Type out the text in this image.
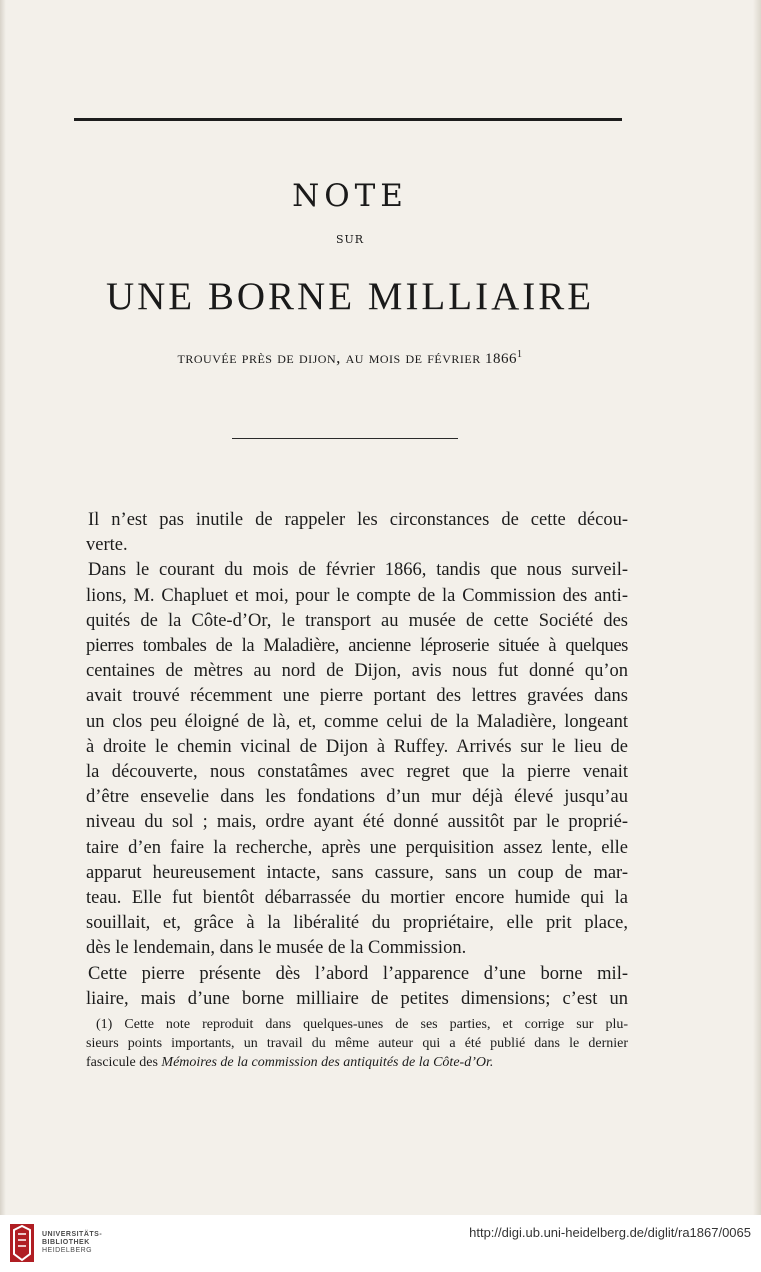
NOTE
SUR
UNE BORNE MILLIAIRE
trouvée près de dijon, au mois de février 1866$^1$
Il n’est pas inutile de rappeler les circonstances de cette décou-
verte.
Dans le courant du mois de février 1866, tandis que nous surveil-
lions, M. Chapluet et moi, pour le compte de la Commission des anti-
quités de la Côte-d’Or, le transport au musée de cette Société des
pierres tombales de la Maladière, ancienne léproserie située à quelques
centaines de mètres au nord de Dijon, avis nous fut donné qu’on
avait trouvé récemment une pierre portant des lettres gravées dans
un clos peu éloigné de là, et, comme celui de la Maladière, longeant
à droite le chemin vicinal de Dijon à Ruffey. Arrivés sur le lieu de
la découverte, nous constatâmes avec regret que la pierre venait
d’être ensevelie dans les fondations d’un mur déjà élevé jusqu’au
niveau du sol ; mais, ordre ayant été donné aussitôt par le proprié-
taire d’en faire la recherche, après une perquisition assez lente, elle
apparut heureusement intacte, sans cassure, sans un coup de mar-
teau. Elle fut bientôt débarrassée du mortier encore humide qui la
souillait, et, grâce à la libéralité du propriétaire, elle prit place,
dès le lendemain, dans le musée de la Commission.
Cette pierre présente dès l’abord l’apparence d’une borne mil-
liaire, mais d’une borne milliaire de petites dimensions; c’est un
(1) Cette note reproduit dans quelques-unes de ses parties, et corrige sur plu-
sieurs points importants, un travail du même auteur qui a été publié dans le dernier
fascicule des Mémoires de la commission des antiquités de la Côte-d’Or.
UNIVERSITÄTS-
BIBLIOTHEK
HEIDELBERG
http://digi.ub.uni-heidelberg.de/diglit/ra1867/0065
